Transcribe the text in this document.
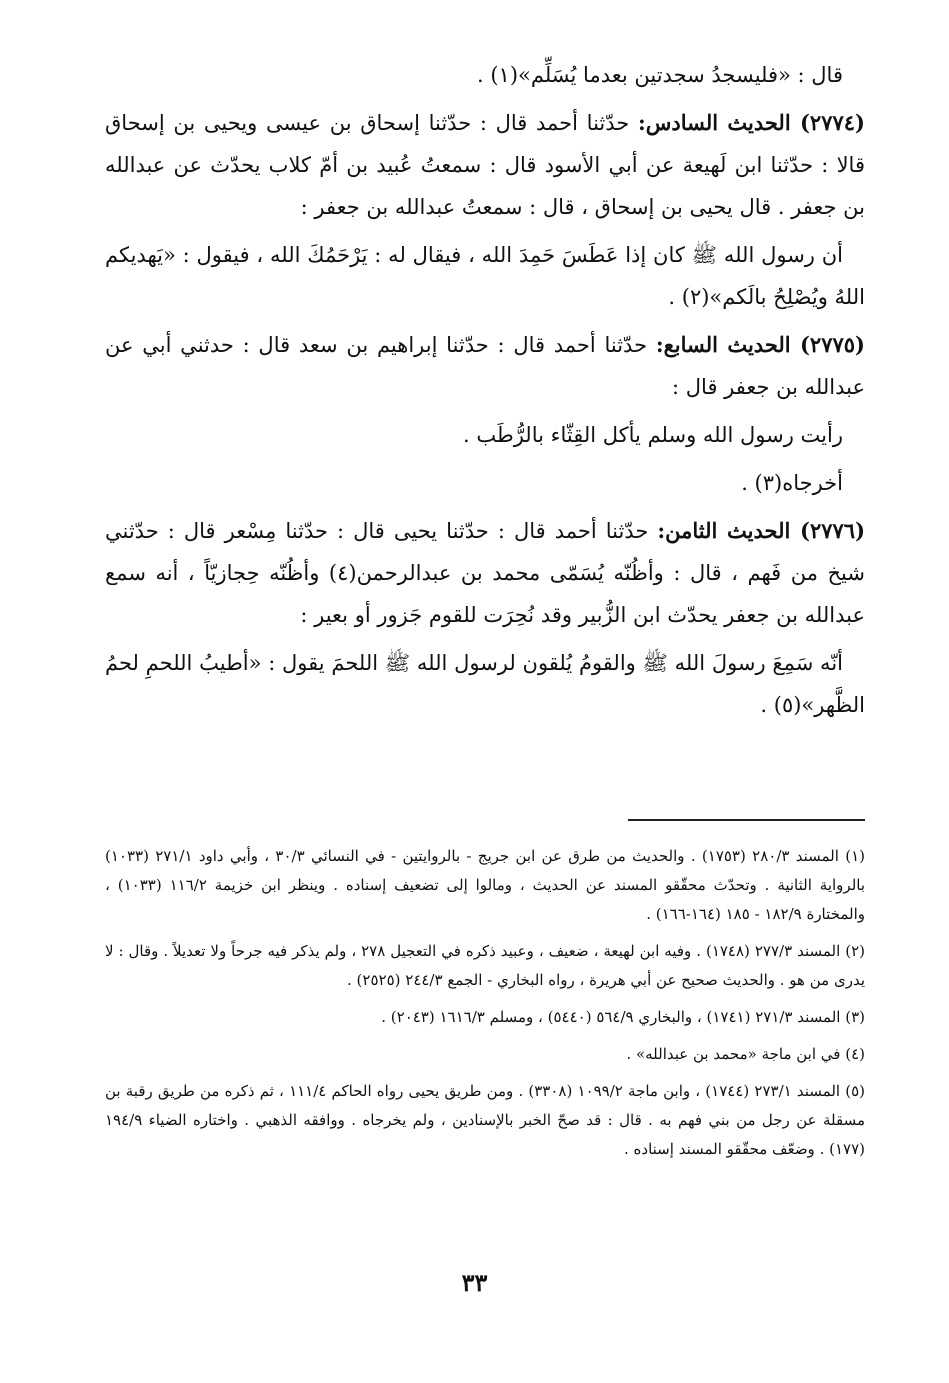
قال : «فليسجدُ سجدتين بعدما يُسَلِّم»(١) .

(٢٧٧٤) الحديث السادس: حدّثنا أحمد قال : حدّثنا إسحاق بن عيسى ويحيى بن إسحاق قالا : حدّثنا ابن لَهيعة عن أبي الأسود قال : سمعتُ عُبيد بن أمّ كلاب يحدّث عن عبدالله بن جعفر . قال يحيى بن إسحاق ، قال : سمعتُ عبدالله بن جعفر :

أن رسول الله ﷺ كان إذا عَطَسَ حَمِدَ الله ، فيقال له : يَرْحَمُكَ الله ، فيقول : «يَهديكم اللهُ ويُصْلِحُ بالَكم»(٢) .

(٢٧٧٥) الحديث السابع: حدّثنا أحمد قال : حدّثنا إبراهيم بن سعد قال : حدثني أبي عن عبدالله بن جعفر قال :

رأيت رسول الله وسلم يأكل القِثّاء بالرُّطَب .

أخرجاه(٣) .

(٢٧٧٦) الحديث الثامن: حدّثنا أحمد قال : حدّثنا يحيى قال : حدّثنا مِسْعر قال : حدّثني شيخ من فَهم ، قال : وأظُنّه يُسَمّى محمد بن عبدالرحمن(٤) وأظُنّه حِجازيّاً ، أنه سمع عبدالله بن جعفر يحدّث ابن الزُّبير وقد نُحِرَت للقوم جَزور أو بعير :

أنّه سَمِعَ رسولَ الله ﷺ والقومُ يُلقون لرسول الله ﷺ اللحمَ يقول : «أطيبُ اللحمِ لحمُ الظَّهر»(٥) .

(١) المسند ٢٨٠/٣ (١٧٥٣) . والحديث من طرق عن ابن جريج - بالروايتين - في النسائي ٣٠/٣ ، وأبي داود ٢٧١/١ (١٠٣٣) بالرواية الثانية . وتحدّث محقّقو المسند عن الحديث ، ومالوا إلى تضعيف إسناده . وينظر ابن خزيمة ١١٦/٢ (١٠٣٣) ، والمختارة ١٨٢/٩ - ١٨٥ (١٦٤-١٦٦) .

(٢) المسند ٢٧٧/٣ (١٧٤٨) . وفيه ابن لهيعة ، ضعيف ، وعبيد ذكره في التعجيل ٢٧٨ ، ولم يذكر فيه جرحاً ولا تعديلاً . وقال : لا يدرى من هو . والحديث صحيح عن أبي هريرة ، رواه البخاري - الجمع ٢٤٤/٣ (٢٥٢٥) .

(٣) المسند ٢٧١/٣ (١٧٤١) ، والبخاري ٥٦٤/٩ (٥٤٤٠) ، ومسلم ١٦١٦/٣ (٢٠٤٣) .

(٤) في ابن ماجة «محمد بن عبدالله» .

(٥) المسند ٢٧٣/١ (١٧٤٤) ، وابن ماجة ١٠٩٩/٢ (٣٣٠٨) . ومن طريق يحيى رواه الحاكم ١١١/٤ ، ثم ذكره من طريق رقبة بن مسقلة عن رجل من بني فهم به . قال : قد صحّ الخبر بالإسنادين ، ولم يخرجاه . ووافقه الذهبي . واختاره الضياء ١٩٤/٩ (١٧٧) . وضعّف محقّقو المسند إسناده .

٣٣
